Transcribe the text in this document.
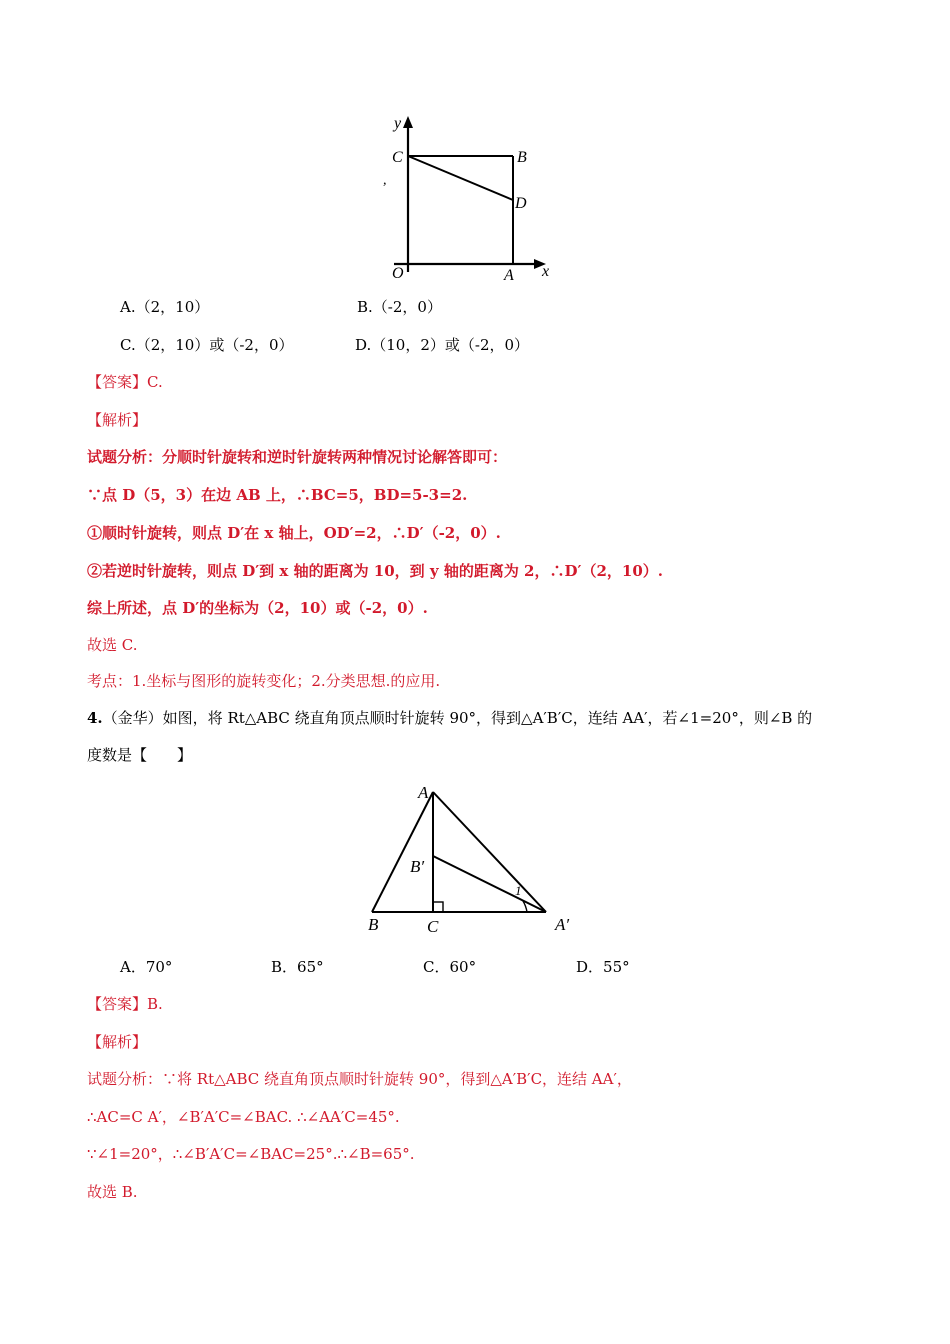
y
x
C	B
D
O	A
,
A.（2，10）	B.（-2，0）
C.（2，10）或（-2，0）	D.（10，2）或（-2，0）
【答案】C.
【解析】
试题分析：分顺时针旋转和逆时针旋转两种情况讨论解答即可：
∵点 D（5，3）在边 AB 上，∴BC=5，BD=5-3=2.
①顺时针旋转，则点 D′在 x 轴上，OD′=2，∴D′（-2，0）.
②若逆时针旋转，则点 D′到 x 轴的距离为 10，到 y 轴的距离为 2，∴D′（2，10）.
综上所述，点 D′的坐标为（2，10）或（-2，0）.
故选 C.
考点：1.坐标与图形的旋转变化；2.分类思想.的应用.
4.（金华）如图，将 Rt△ABC 绕直角顶点顺时针旋转 90°，得到△A′B′C，连结 AA′，若∠1=20°，则∠B 的
度数是【　　】
A
B′
1
B	C	A′
A．70°	B．65°	C．60°	D．55°
【答案】B.
【解析】
试题分析：∵将 Rt△ABC 绕直角顶点顺时针旋转 90°，得到△A′B′C，连结 AA′，
∴AC=C A′，∠B′A′C=∠BAC. ∴∠AA′C=45°.
∵∠1=20°，∴∠B′A′C=∠BAC=25°.∴∠B=65°.
故选 B.
